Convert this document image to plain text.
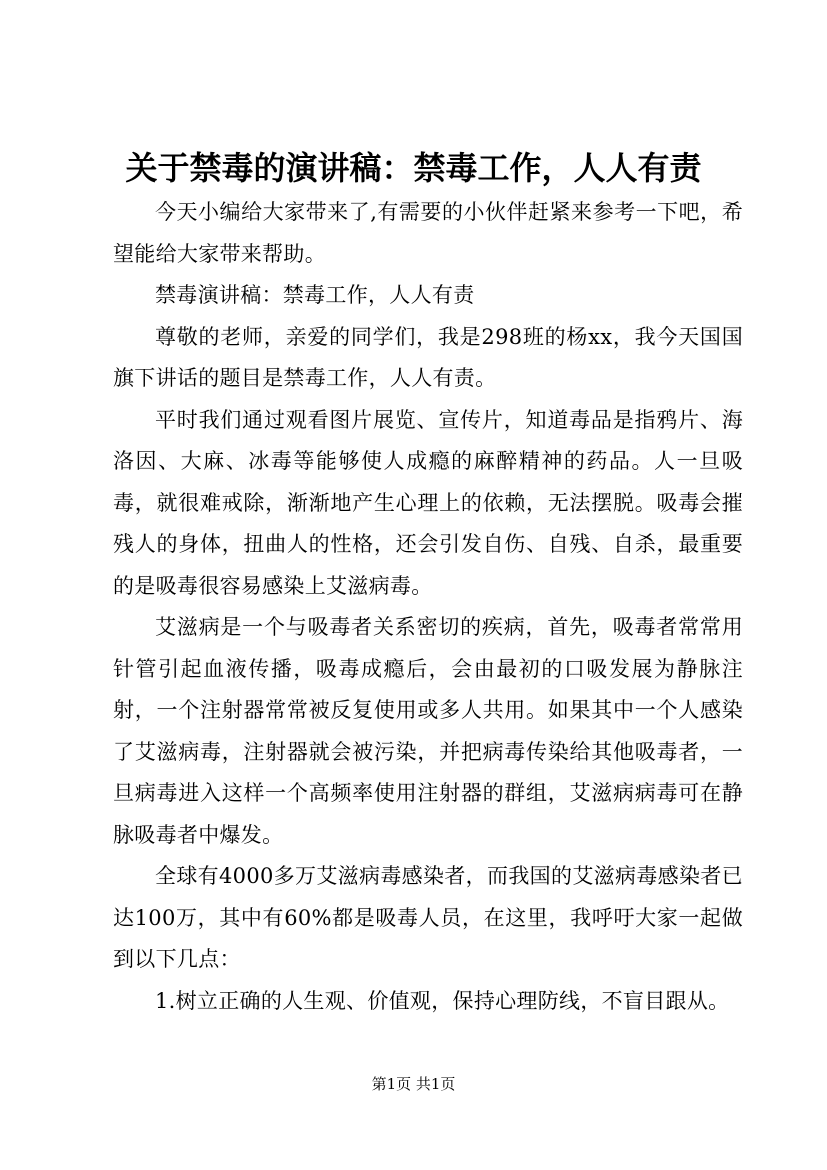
关于禁毒的演讲稿：禁毒工作，人人有责

今天小编给大家带来了,有需要的小伙伴赶紧来参考一下吧，希望能给大家带来帮助。

禁毒演讲稿：禁毒工作，人人有责

尊敬的老师，亲爱的同学们，我是298班的杨xx，我今天国国旗下讲话的题目是禁毒工作，人人有责。

平时我们通过观看图片展览、宣传片，知道毒品是指鸦片、海洛因、大麻、冰毒等能够使人成瘾的麻醉精神的药品。人一旦吸毒，就很难戒除，渐渐地产生心理上的依赖，无法摆脱。吸毒会摧残人的身体，扭曲人的性格，还会引发自伤、自残、自杀，最重要的是吸毒很容易感染上艾滋病毒。

艾滋病是一个与吸毒者关系密切的疾病，首先，吸毒者常常用针管引起血液传播，吸毒成瘾后，会由最初的口吸发展为静脉注射，一个注射器常常被反复使用或多人共用。如果其中一个人感染了艾滋病毒，注射器就会被污染，并把病毒传染给其他吸毒者，一旦病毒进入这样一个高频率使用注射器的群组，艾滋病病毒可在静脉吸毒者中爆发。

全球有4000多万艾滋病毒感染者，而我国的艾滋病毒感染者已达100万，其中有60%都是吸毒人员，在这里，我呼吁大家一起做到以下几点：

1.树立正确的人生观、价值观，保持心理防线，不盲目跟从。

第1页 共1页
